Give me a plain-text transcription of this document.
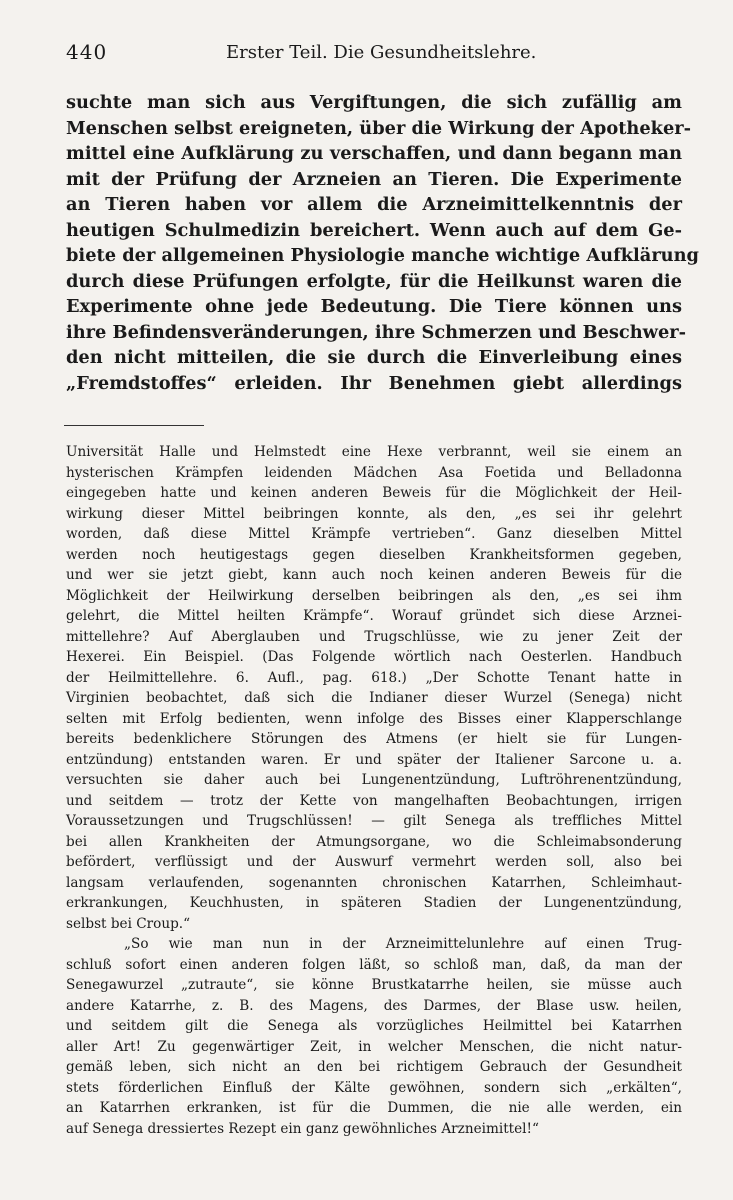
440	Erster Teil. Die Gesundheitslehre.
suchte man sich aus Vergiftungen, die sich zufällig am
Menschen selbst ereigneten, über die Wirkung der Apotheker-
mittel eine Aufklärung zu verschaffen, und dann begann man
mit der Prüfung der Arzneien an Tieren. Die Experimente
an Tieren haben vor allem die Arzneimittelkenntnis der
heutigen Schulmedizin bereichert. Wenn auch auf dem Ge-
biete der allgemeinen Physiologie manche wichtige Aufklärung
durch diese Prüfungen erfolgte, für die Heilkunst waren die
Experimente ohne jede Bedeutung. Die Tiere können uns
ihre Befindensveränderungen, ihre Schmerzen und Beschwer-
den nicht mitteilen, die sie durch die Einverleibung eines
„Fremdstoffes“ erleiden. Ihr Benehmen giebt allerdings
Universität Halle und Helmstedt eine Hexe verbrannt, weil sie einem an
hysterischen Krämpfen leidenden Mädchen Asa Foetida und Belladonna
eingegeben hatte und keinen anderen Beweis für die Möglichkeit der Heil-
wirkung dieser Mittel beibringen konnte, als den, „es sei ihr gelehrt
worden, daß diese Mittel Krämpfe vertrieben“. Ganz dieselben Mittel
werden noch heutigestags gegen dieselben Krankheitsformen gegeben,
und wer sie jetzt giebt, kann auch noch keinen anderen Beweis für die
Möglichkeit der Heilwirkung derselben beibringen als den, „es sei ihm
gelehrt, die Mittel heilten Krämpfe“. Worauf gründet sich diese Arznei-
mittellehre? Auf Aberglauben und Trugschlüsse, wie zu jener Zeit der
Hexerei. Ein Beispiel. (Das Folgende wörtlich nach Oesterlen. Handbuch
der Heilmittellehre. 6. Aufl., pag. 618.) „Der Schotte Tenant hatte in
Virginien beobachtet, daß sich die Indianer dieser Wurzel (Senega) nicht
selten mit Erfolg bedienten, wenn infolge des Bisses einer Klapperschlange
bereits bedenklichere Störungen des Atmens (er hielt sie für Lungen-
entzündung) entstanden waren. Er und später der Italiener Sarcone u. a.
versuchten sie daher auch bei Lungenentzündung, Luftröhrenentzündung,
und seitdem — trotz der Kette von mangelhaften Beobachtungen, irrigen
Voraussetzungen und Trugschlüssen! — gilt Senega als treffliches Mittel
bei allen Krankheiten der Atmungsorgane, wo die Schleimabsonderung
befördert, verflüssigt und der Auswurf vermehrt werden soll, also bei
langsam verlaufenden, sogenannten chronischen Katarrhen, Schleimhaut-
erkrankungen, Keuchhusten, in späteren Stadien der Lungenentzündung,
selbst bei Croup.“
„So wie man nun in der Arzneimittelunlehre auf einen Trug-
schluß sofort einen anderen folgen läßt, so schloß man, daß, da man der
Senegawurzel „zutraute“, sie könne Brustkatarrhe heilen, sie müsse auch
andere Katarrhe, z. B. des Magens, des Darmes, der Blase usw. heilen,
und seitdem gilt die Senega als vorzügliches Heilmittel bei Katarrhen
aller Art! Zu gegenwärtiger Zeit, in welcher Menschen, die nicht natur-
gemäß leben, sich nicht an den bei richtigem Gebrauch der Gesundheit
stets förderlichen Einfluß der Kälte gewöhnen, sondern sich „erkälten“,
an Katarrhen erkranken, ist für die Dummen, die nie alle werden, ein
auf Senega dressiertes Rezept ein ganz gewöhnliches Arzneimittel!“
